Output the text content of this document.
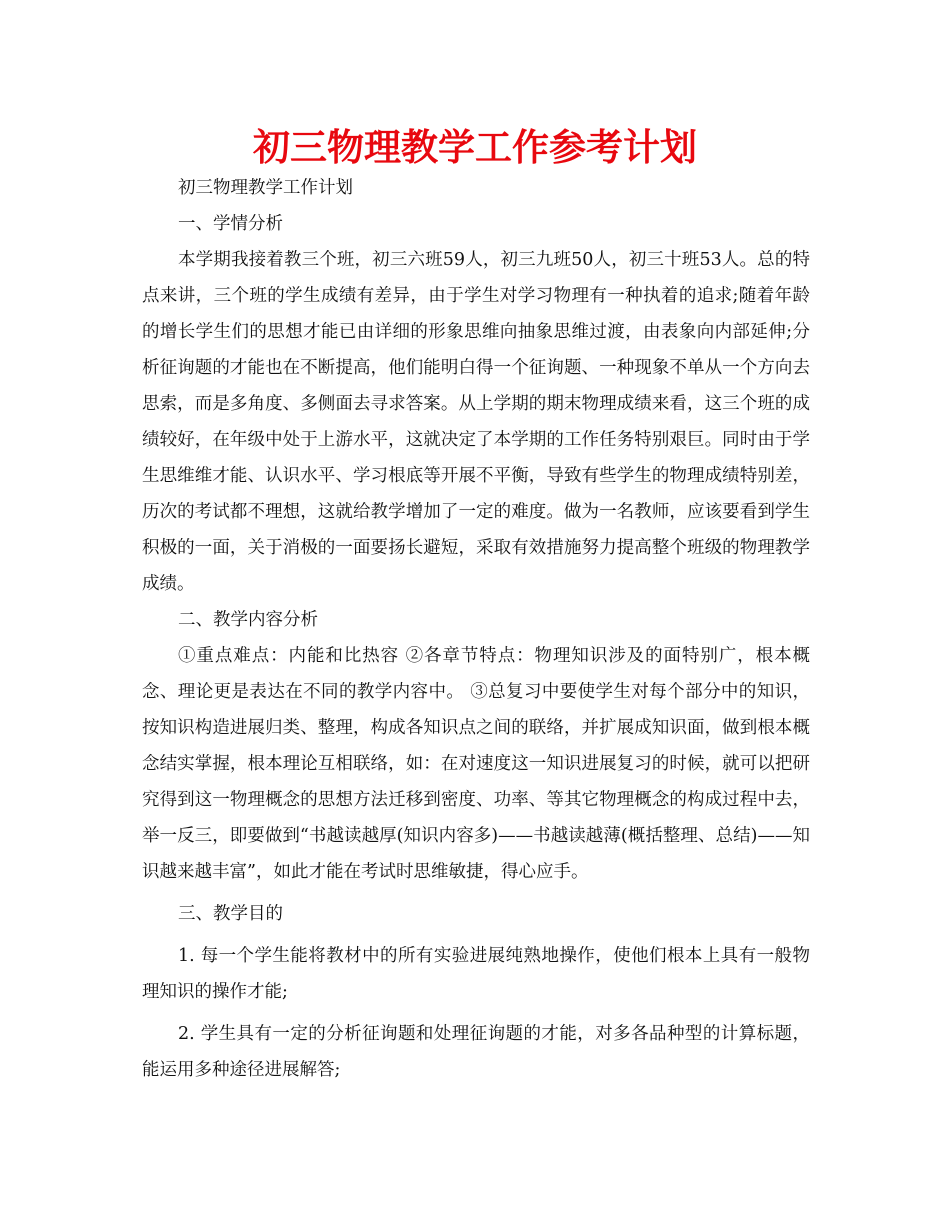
初三物理教学工作参考计划

初三物理教学工作计划

一、学情分析

本学期我接着教三个班，初三六班59人，初三九班50人，初三十班53人。总的特点来讲，三个班的学生成绩有差异，由于学生对学习物理有一种执着的追求;随着年龄的增长学生们的思想才能已由详细的形象思维向抽象思维过渡，由表象向内部延伸;分析征询题的才能也在不断提高，他们能明白得一个征询题、一种现象不单从一个方向去思索，而是多角度、多侧面去寻求答案。从上学期的期末物理成绩来看，这三个班的成绩较好，在年级中处于上游水平，这就决定了本学期的工作任务特别艰巨。同时由于学生思维维才能、认识水平、学习根底等开展不平衡，导致有些学生的物理成绩特别差，历次的考试都不理想，这就给教学增加了一定的难度。做为一名教师，应该要看到学生积极的一面，关于消极的一面要扬长避短，采取有效措施努力提高整个班级的物理教学成绩。

二、教学内容分析

①重点难点：内能和比热容 ②各章节特点：物理知识涉及的面特别广，根本概念、理论更是表达在不同的教学内容中。 ③总复习中要使学生对每个部分中的知识，按知识构造进展归类、整理，构成各知识点之间的联络，并扩展成知识面，做到根本概念结实掌握，根本理论互相联络，如：在对速度这一知识进展复习的时候，就可以把研究得到这一物理概念的思想方法迁移到密度、功率、等其它物理概念的构成过程中去，举一反三，即要做到“书越读越厚(知识内容多)——书越读越薄(概括整理、总结)——知识越来越丰富”，如此才能在考试时思维敏捷，得心应手。

三、教学目的

1. 每一个学生能将教材中的所有实验进展纯熟地操作，使他们根本上具有一般物理知识的操作才能;

2. 学生具有一定的分析征询题和处理征询题的才能，对多各品种型的计算标题，能运用多种途径进展解答;
